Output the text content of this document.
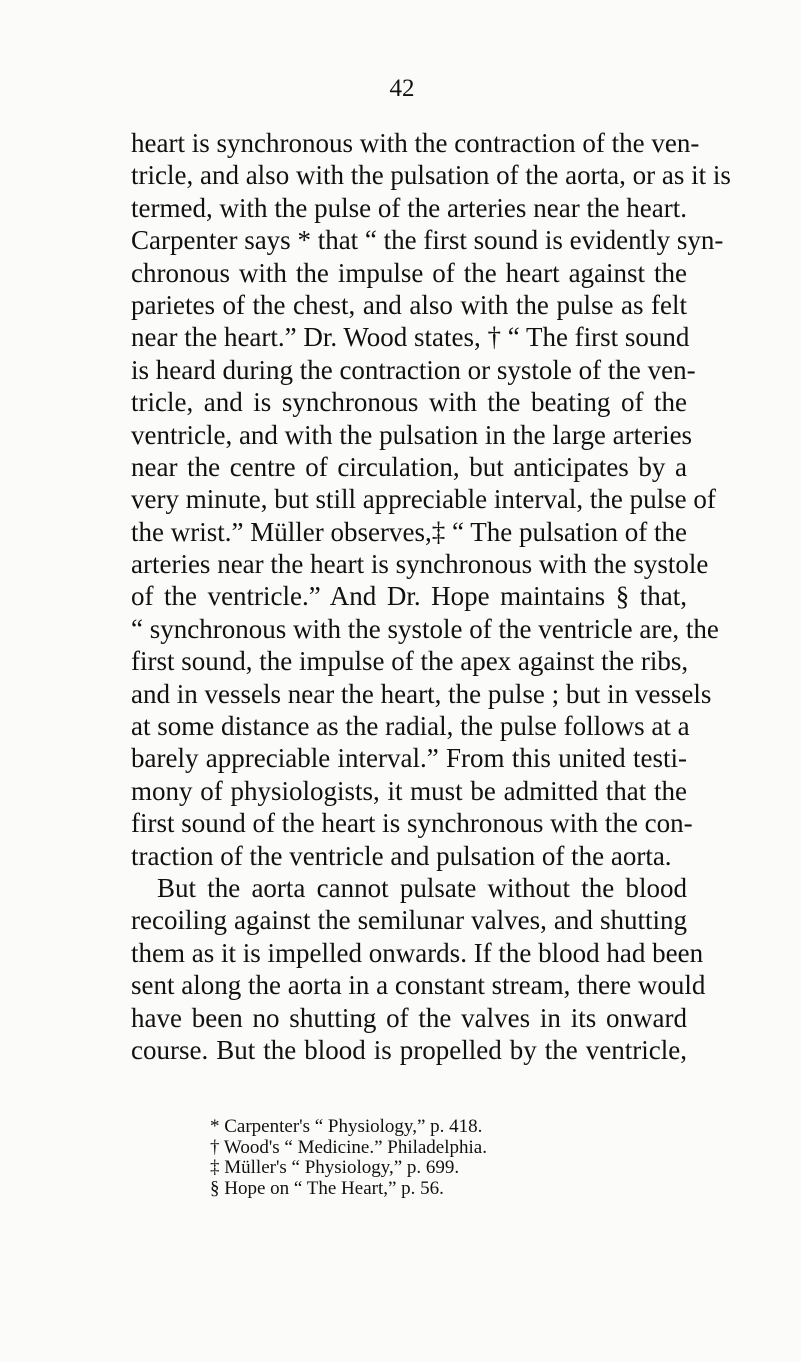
42
heart is synchronous with the contraction of the ven-
tricle, and also with the pulsation of the aorta, or as it is
termed, with the pulse of the arteries near the heart.
Carpenter says * that “ the first sound is evidently syn-
chronous with the impulse of the heart against the
parietes of the chest, and also with the pulse as felt
near the heart.” Dr. Wood states, † “ The first sound
is heard during the contraction or systole of the ven-
tricle, and is synchronous with the beating of the
ventricle, and with the pulsation in the large arteries
near the centre of circulation, but anticipates by a
very minute, but still appreciable interval, the pulse of
the wrist.” Müller observes,‡ “ The pulsation of the
arteries near the heart is synchronous with the systole
of the ventricle.” And Dr. Hope maintains § that,
“ synchronous with the systole of the ventricle are, the
first sound, the impulse of the apex against the ribs,
and in vessels near the heart, the pulse ; but in vessels
at some distance as the radial, the pulse follows at a
barely appreciable interval.” From this united testi-
mony of physiologists, it must be admitted that the
first sound of the heart is synchronous with the con-
traction of the ventricle and pulsation of the aorta.
But the aorta cannot pulsate without the blood
recoiling against the semilunar valves, and shutting
them as it is impelled onwards. If the blood had been
sent along the aorta in a constant stream, there would
have been no shutting of the valves in its onward
course. But the blood is propelled by the ventricle,
* Carpenter's “ Physiology,” p. 418.
† Wood's “ Medicine.” Philadelphia.
‡ Müller's “ Physiology,” p. 699.
§ Hope on “ The Heart,” p. 56.
